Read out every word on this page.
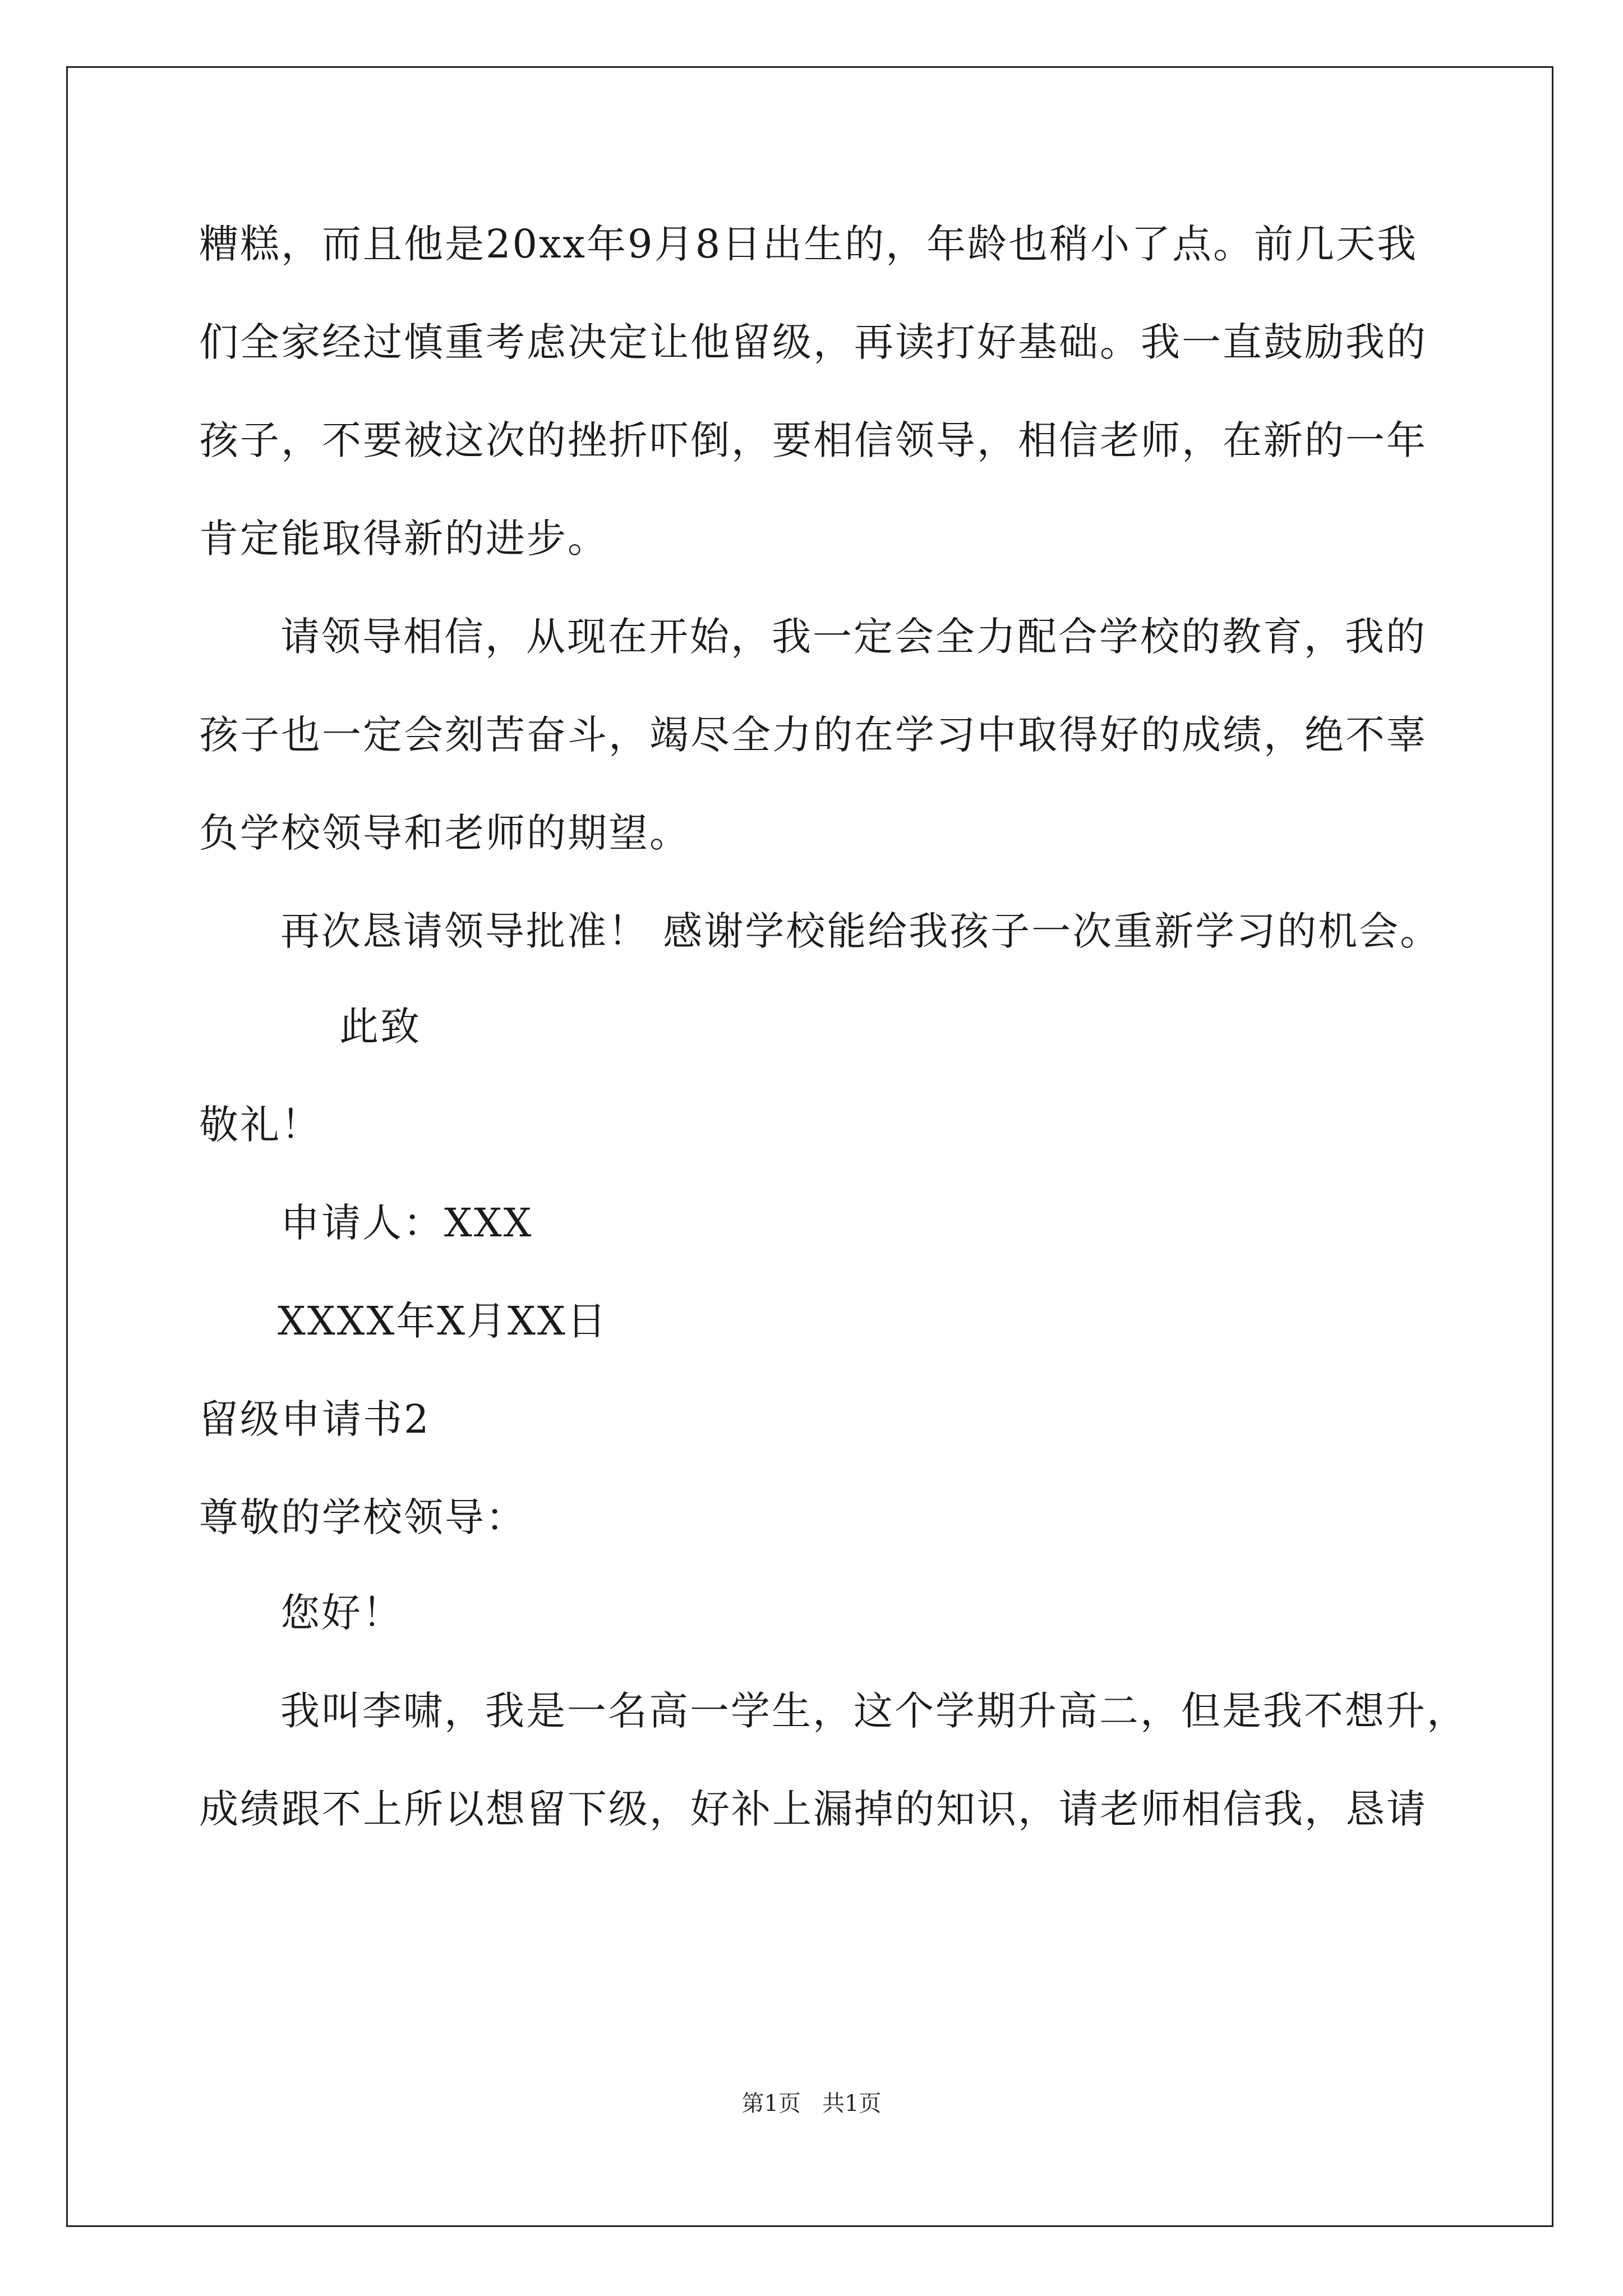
糟糕，而且他是20xx年9月8日出生的，年龄也稍小了点。前几天我
们全家经过慎重考虑决定让他留级，再读打好基础。我一直鼓励我的
孩子，不要被这次的挫折吓倒，要相信领导，相信老师，在新的一年
肯定能取得新的进步。
请领导相信，从现在开始，我一定会全力配合学校的教育，我的
孩子也一定会刻苦奋斗，竭尽全力的在学习中取得好的成绩，绝不辜
负学校领导和老师的期望。
再次恳请领导批准！ 感谢学校能给我孩子一次重新学习的机会。
此致
敬礼！
申请人：XXX
XXXX年X月XX日
留级申请书2
尊敬的学校领导：
您好！
我叫李啸，我是一名高一学生，这个学期升高二，但是我不想升，
成绩跟不上所以想留下级，好补上漏掉的知识，请老师相信我，恳请
第1页   共1页
